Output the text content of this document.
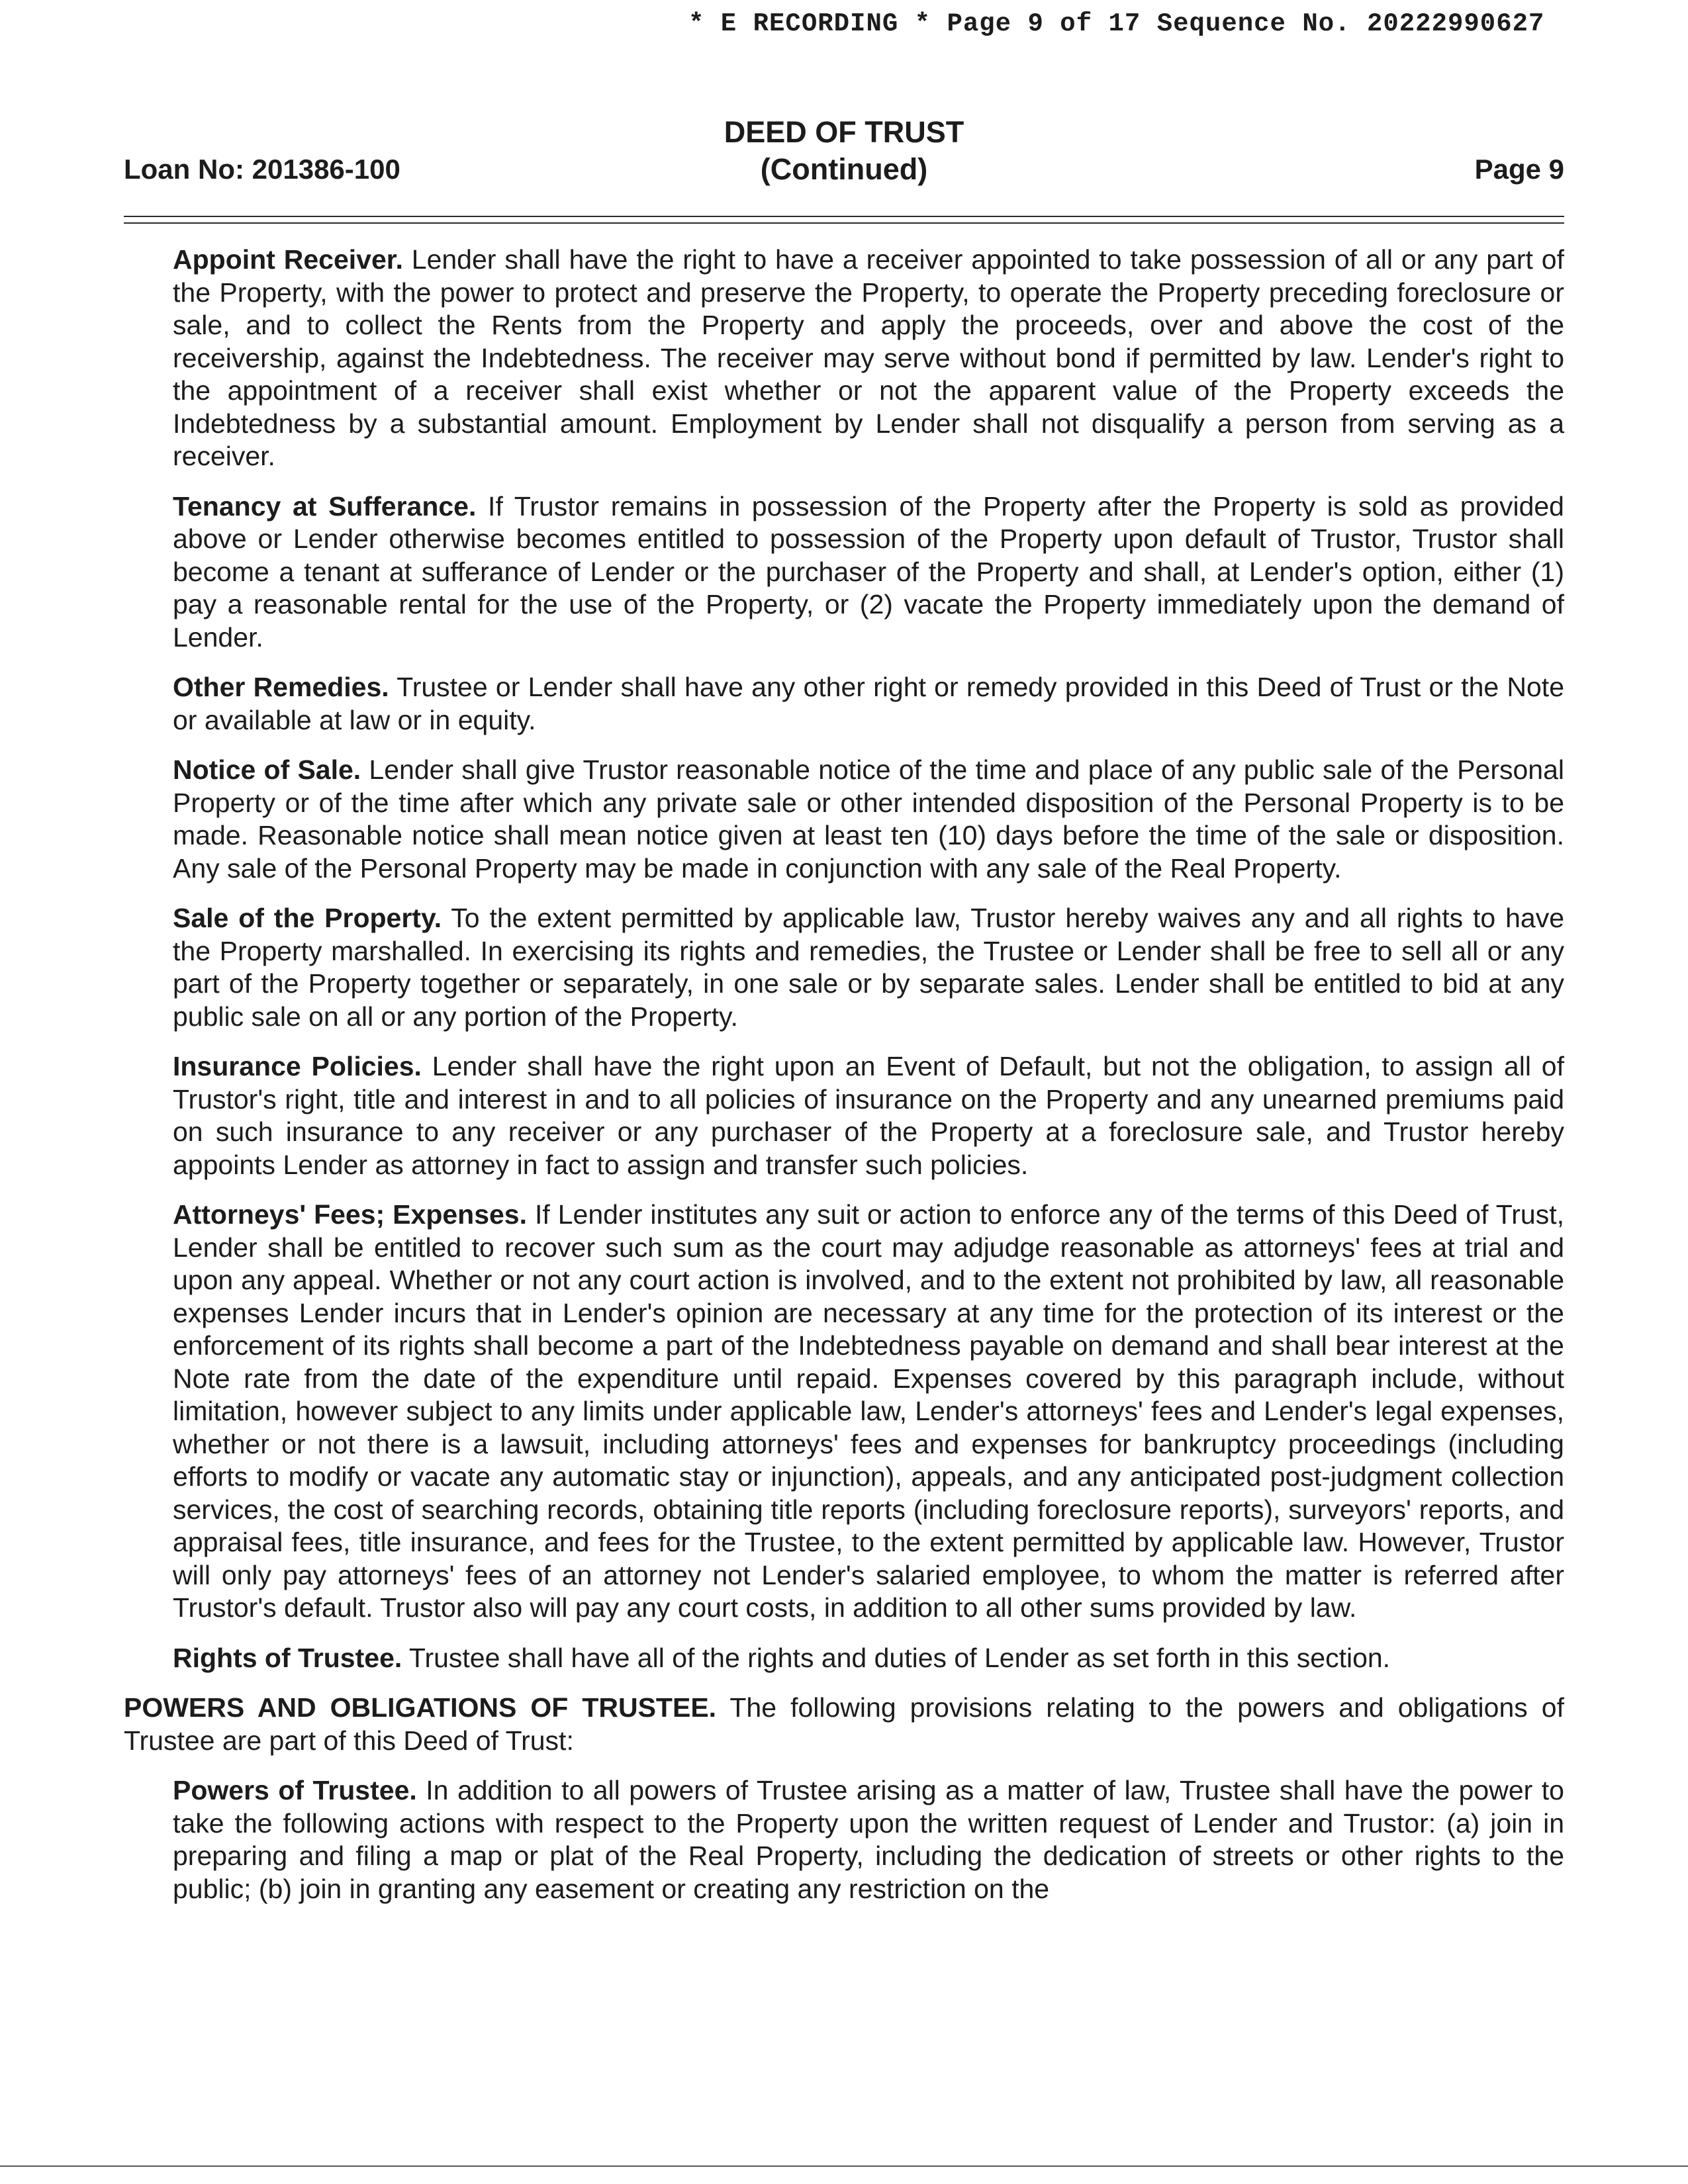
* E RECORDING * Page 9 of 17 Sequence No. 20222990627
Loan No: 201386-100
DEED OF TRUST
(Continued)	Page 9

Appoint Receiver. Lender shall have the right to have a receiver appointed to take possession of all or any part of the Property, with the power to protect and preserve the Property, to operate the Property preceding foreclosure or sale, and to collect the Rents from the Property and apply the proceeds, over and above the cost of the receivership, against the Indebtedness. The receiver may serve without bond if permitted by law. Lender's right to the appointment of a receiver shall exist whether or not the apparent value of the Property exceeds the Indebtedness by a substantial amount. Employment by Lender shall not disqualify a person from serving as a receiver.

Tenancy at Sufferance. If Trustor remains in possession of the Property after the Property is sold as provided above or Lender otherwise becomes entitled to possession of the Property upon default of Trustor, Trustor shall become a tenant at sufferance of Lender or the purchaser of the Property and shall, at Lender's option, either (1) pay a reasonable rental for the use of the Property, or (2) vacate the Property immediately upon the demand of Lender.

Other Remedies. Trustee or Lender shall have any other right or remedy provided in this Deed of Trust or the Note or available at law or in equity.

Notice of Sale. Lender shall give Trustor reasonable notice of the time and place of any public sale of the Personal Property or of the time after which any private sale or other intended disposition of the Personal Property is to be made. Reasonable notice shall mean notice given at least ten (10) days before the time of the sale or disposition. Any sale of the Personal Property may be made in conjunction with any sale of the Real Property.

Sale of the Property. To the extent permitted by applicable law, Trustor hereby waives any and all rights to have the Property marshalled. In exercising its rights and remedies, the Trustee or Lender shall be free to sell all or any part of the Property together or separately, in one sale or by separate sales. Lender shall be entitled to bid at any public sale on all or any portion of the Property.

Insurance Policies. Lender shall have the right upon an Event of Default, but not the obligation, to assign all of Trustor's right, title and interest in and to all policies of insurance on the Property and any unearned premiums paid on such insurance to any receiver or any purchaser of the Property at a foreclosure sale, and Trustor hereby appoints Lender as attorney in fact to assign and transfer such policies.

Attorneys' Fees; Expenses. If Lender institutes any suit or action to enforce any of the terms of this Deed of Trust, Lender shall be entitled to recover such sum as the court may adjudge reasonable as attorneys' fees at trial and upon any appeal. Whether or not any court action is involved, and to the extent not prohibited by law, all reasonable expenses Lender incurs that in Lender's opinion are necessary at any time for the protection of its interest or the enforcement of its rights shall become a part of the Indebtedness payable on demand and shall bear interest at the Note rate from the date of the expenditure until repaid. Expenses covered by this paragraph include, without limitation, however subject to any limits under applicable law, Lender's attorneys' fees and Lender's legal expenses, whether or not there is a lawsuit, including attorneys' fees and expenses for bankruptcy proceedings (including efforts to modify or vacate any automatic stay or injunction), appeals, and any anticipated post-judgment collection services, the cost of searching records, obtaining title reports (including foreclosure reports), surveyors' reports, and appraisal fees, title insurance, and fees for the Trustee, to the extent permitted by applicable law. However, Trustor will only pay attorneys' fees of an attorney not Lender's salaried employee, to whom the matter is referred after Trustor's default. Trustor also will pay any court costs, in addition to all other sums provided by law.

Rights of Trustee. Trustee shall have all of the rights and duties of Lender as set forth in this section.

POWERS AND OBLIGATIONS OF TRUSTEE. The following provisions relating to the powers and obligations of Trustee are part of this Deed of Trust:

Powers of Trustee. In addition to all powers of Trustee arising as a matter of law, Trustee shall have the power to take the following actions with respect to the Property upon the written request of Lender and Trustor: (a) join in preparing and filing a map or plat of the Real Property, including the dedication of streets or other rights to the public; (b) join in granting any easement or creating any restriction on the
